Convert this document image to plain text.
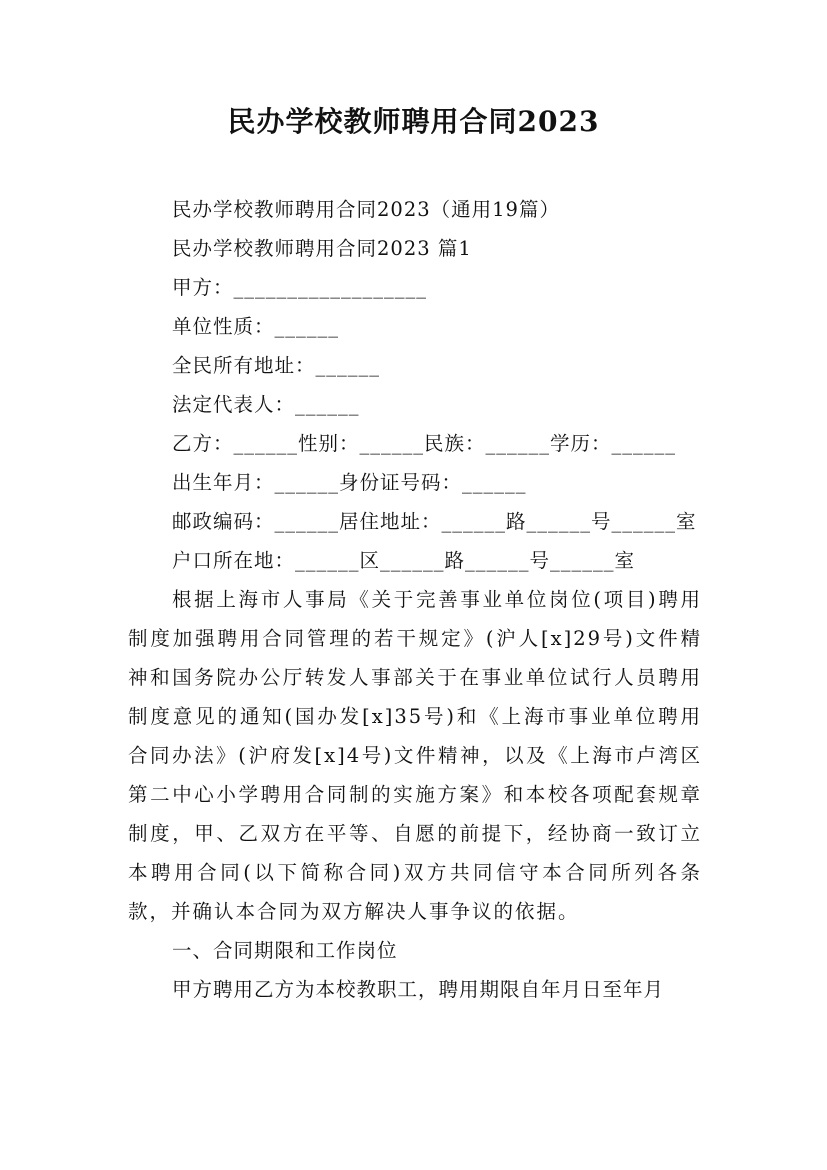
民办学校教师聘用合同2023

民办学校教师聘用合同2023（通用19篇）

民办学校教师聘用合同2023 篇1

甲方：__________________

单位性质：______

全民所有地址：______

法定代表人：______

乙方：______性别：______民族：______学历：______

出生年月：______身份证号码：______

邮政编码：______居住地址：______路______号______室

户口所在地：______区______路______号______室

根据上海市人事局《关于完善事业单位岗位(项目)聘用制度加强聘用合同管理的若干规定》(沪人[x]29号)文件精神和国务院办公厅转发人事部关于在事业单位试行人员聘用制度意见的通知(国办发[x]35号)和《上海市事业单位聘用合同办法》(沪府发[x]4号)文件精神，以及《上海市卢湾区第二中心小学聘用合同制的实施方案》和本校各项配套规章制度，甲、乙双方在平等、自愿的前提下，经协商一致订立本聘用合同(以下简称合同)双方共同信守本合同所列各条款，并确认本合同为双方解决人事争议的依据。

一、合同期限和工作岗位

甲方聘用乙方为本校教职工，聘用期限自年月日至年月
